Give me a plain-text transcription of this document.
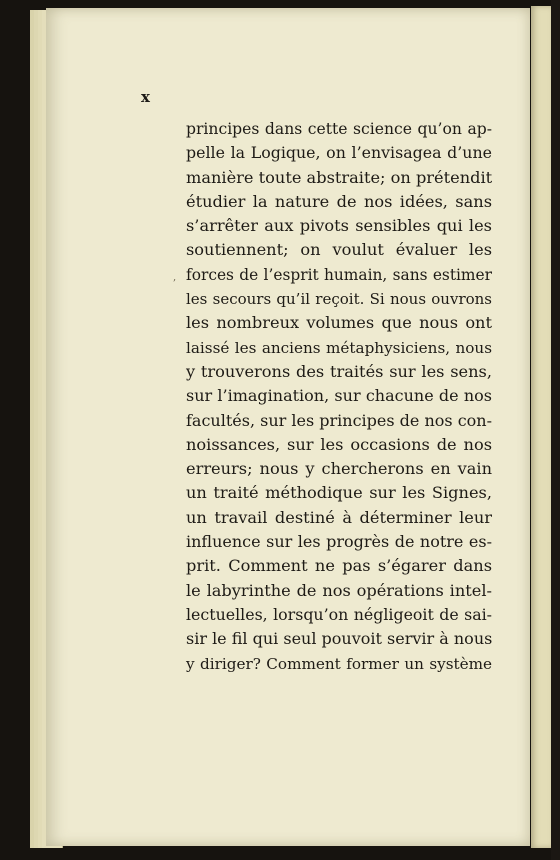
x
,
principes dans cette science qu’on ap-
pelle la Logique, on l’envisagea d’une
manière toute abstraite; on prétendit
étudier la nature de nos idées, sans
s’arrêter aux pivots sensibles qui les
soutiennent; on voulut évaluer les
forces de l’esprit humain, sans estimer
les secours qu’il reçoit. Si nous ouvrons
les nombreux volumes que nous ont
laissé les anciens métaphysiciens, nous
y trouverons des traités sur les sens,
sur l’imagination, sur chacune de nos
facultés, sur les principes de nos con-
noissances, sur les occasions de nos
erreurs; nous y chercherons en vain
un traité méthodique sur les Signes,
un travail destiné à déterminer leur
influence sur les progrès de notre es-
prit. Comment ne pas s’égarer dans
le labyrinthe de nos opérations intel-
lectuelles, lorsqu’on négligeoit de sai-
sir le fil qui seul pouvoit servir à nous
y diriger? Comment former un système
